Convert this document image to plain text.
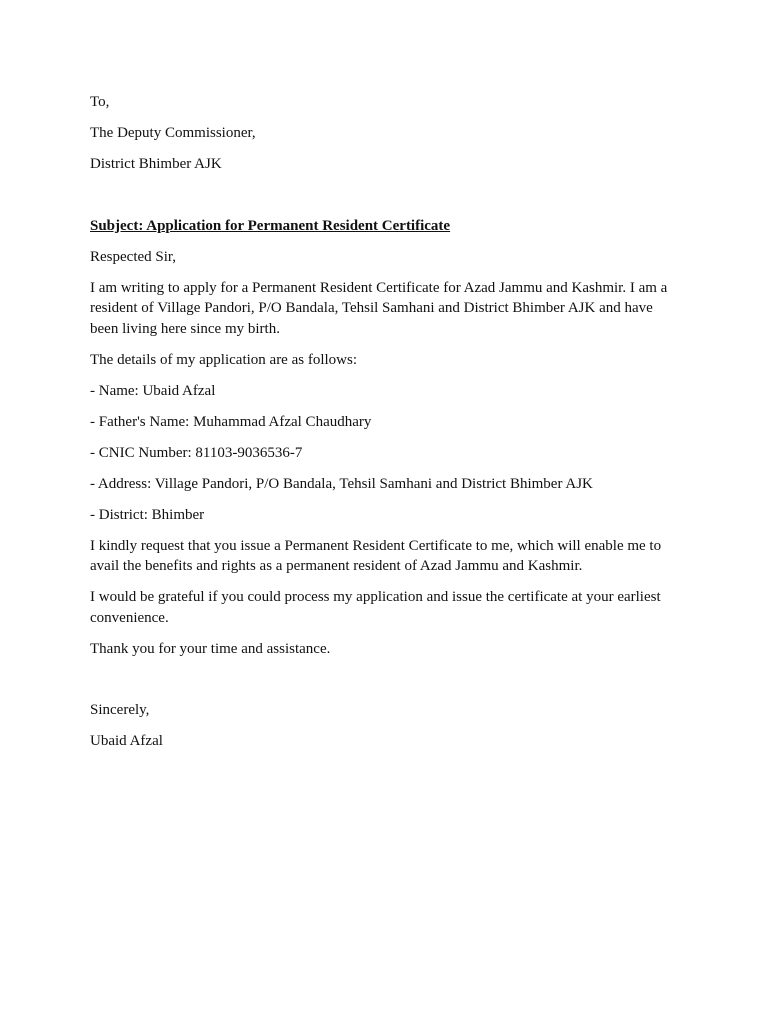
To,

The Deputy Commissioner,

District Bhimber AJK

Subject: Application for Permanent Resident Certificate

Respected Sir,

I am writing to apply for a Permanent Resident Certificate for Azad Jammu and Kashmir. I am a resident of Village Pandori, P/O Bandala, Tehsil Samhani and District Bhimber AJK and have been living here since my birth.

The details of my application are as follows:

- Name: Ubaid Afzal

- Father's Name: Muhammad Afzal Chaudhary

- CNIC Number: 81103-9036536-7

- Address: Village Pandori, P/O Bandala, Tehsil Samhani and District Bhimber AJK

- District: Bhimber

I kindly request that you issue a Permanent Resident Certificate to me, which will enable me to avail the benefits and rights as a permanent resident of Azad Jammu and Kashmir.

I would be grateful if you could process my application and issue the certificate at your earliest convenience.

Thank you for your time and assistance.

Sincerely,

Ubaid Afzal
